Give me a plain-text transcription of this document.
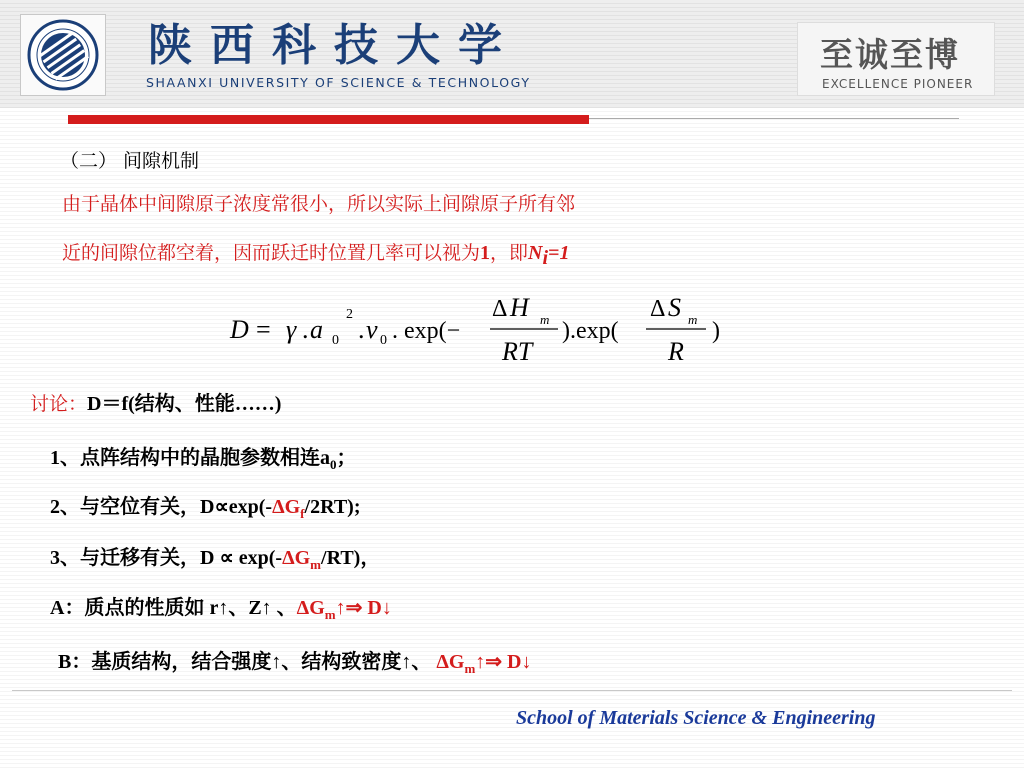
陕西科技大学
SHAANXI UNIVERSITY OF SCIENCE & TECHNOLOGY
至诚至博
EXCELLENCE PIONEER
（二） 间隙机制
由于晶体中间隙原子浓度常很小，所以实际上间隙原子所有邻
近的间隙位都空着，因而跃迁时位置几率可以视为1，即$N_i=1$
D = γ . a
2
0 . v 0 . exp(−
Δ H m
RT
).exp(
Δ S m
R
)
讨论：D＝f(结构、性能……)
1、点阵结构中的晶胞参数相连$a_0$；
2、与空位有关，$D\propto\exp(-\Delta G_f/2RT)$;
3、与迁移有关，$D \propto \exp(-\Delta G_m/RT)$，
A：质点的性质如 r↑、Z↑ 、$\Delta G_m↑\Rightarrow$ D↓
B：基质结构，结合强度↑、结构致密度↑、 $\Delta G_m↑\Rightarrow$ D↓
School of Materials Science & Engineering
